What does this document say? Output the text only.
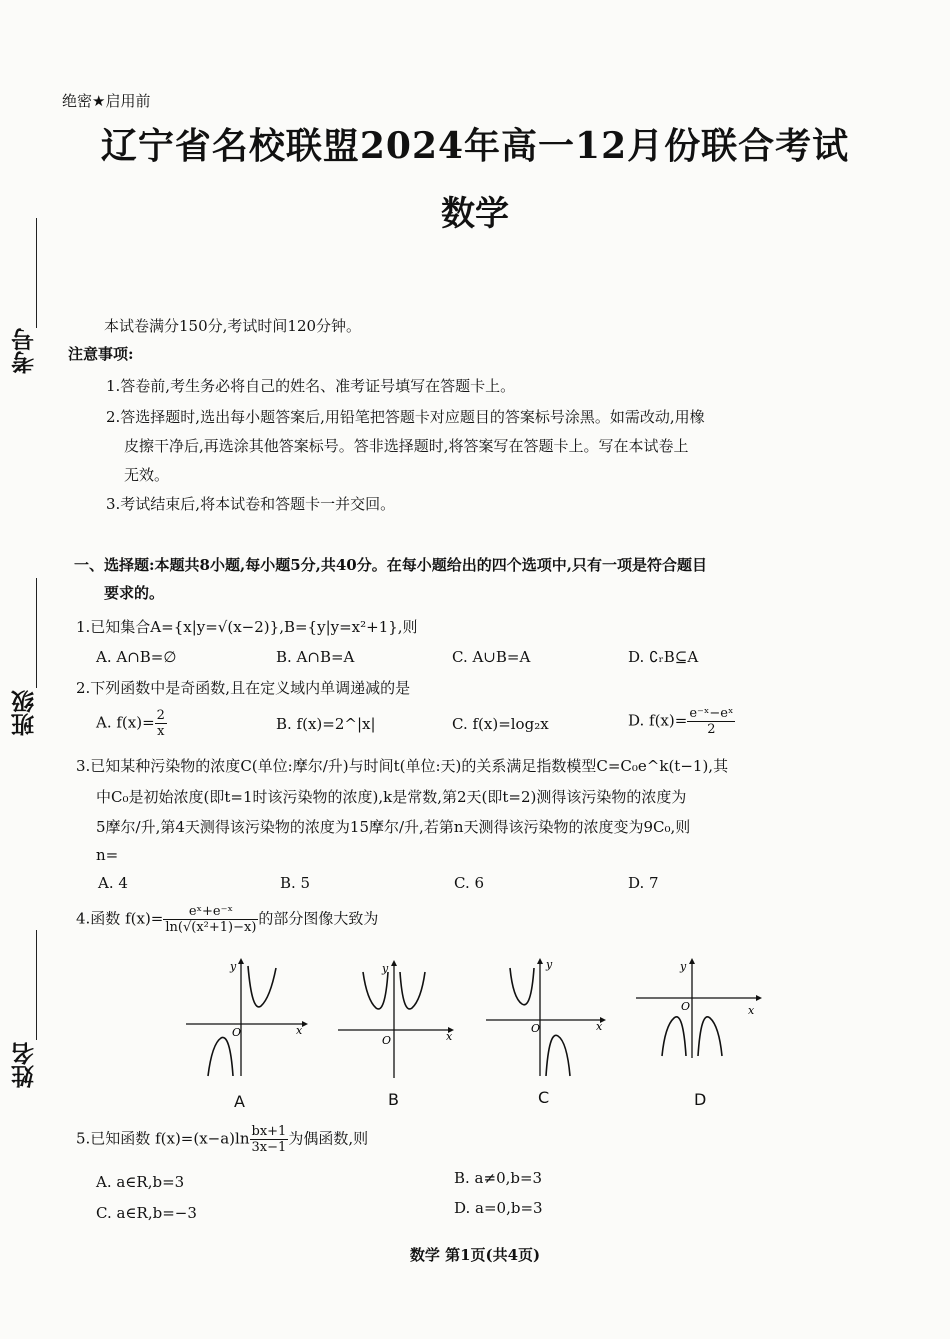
绝密★启用前
辽宁省名校联盟2024年高一12月份联合考试
数学
考号
班级
姓名
本试卷满分150分,考试时间120分钟。
注意事项:
1.答卷前,考生务必将自己的姓名、准考证号填写在答题卡上。
2.答选择题时,选出每小题答案后,用铅笔把答题卡对应题目的答案标号涂黑。如需改动,用橡
皮擦干净后,再选涂其他答案标号。答非选择题时,将答案写在答题卡上。写在本试卷上
无效。
3.考试结束后,将本试卷和答题卡一并交回。
一、选择题:本题共8小题,每小题5分,共40分。在每小题给出的四个选项中,只有一项是符合题目
要求的。
1.已知集合A={x|y=√(x−2)},B={y|y=x²+1},则
A. A∩B=∅	B. A∩B=A	C. A∪B=A	D. ∁ᵣB⊆A
2.下列函数中是奇函数,且在定义域内单调递减的是
A. $f(x)= \frac{2}{x}$	B. f(x)=2^|x|	C. f(x)=log₂x	D. $f(x)= \frac{\text{e⁻ˣ−eˣ}}{2}$
3.已知某种污染物的浓度C(单位:摩尔/升)与时间t(单位:天)的关系满足指数模型C=C₀e^k(t−1),其
中C₀是初始浓度(即t=1时该污染物的浓度),k是常数,第2天(即t=2)测得该污染物的浓度为
5摩尔/升,第4天测得该污染物的浓度为15摩尔/升,若第n天测得该污染物的浓度变为9C₀,则
n=
A. 4	B. 5	C. 6	D. 7
4.函数 $f(x)= \frac{\text{eˣ+e⁻ˣ}}{\text{ln(√(x²+1)−x)}}$ 的部分图像大致为
O	x
y
A
O	x
y
B
O	x
y
C
O	x
y
D
5.已知函数 $f(x)=(x-a)\ln \frac{bx+1}{3x-1}$ 为偶函数,则
A. a∈R,b=3	B. a≠0,b=3
C. a∈R,b=−3	D. a=0,b=3
数学 第1页(共4页)
